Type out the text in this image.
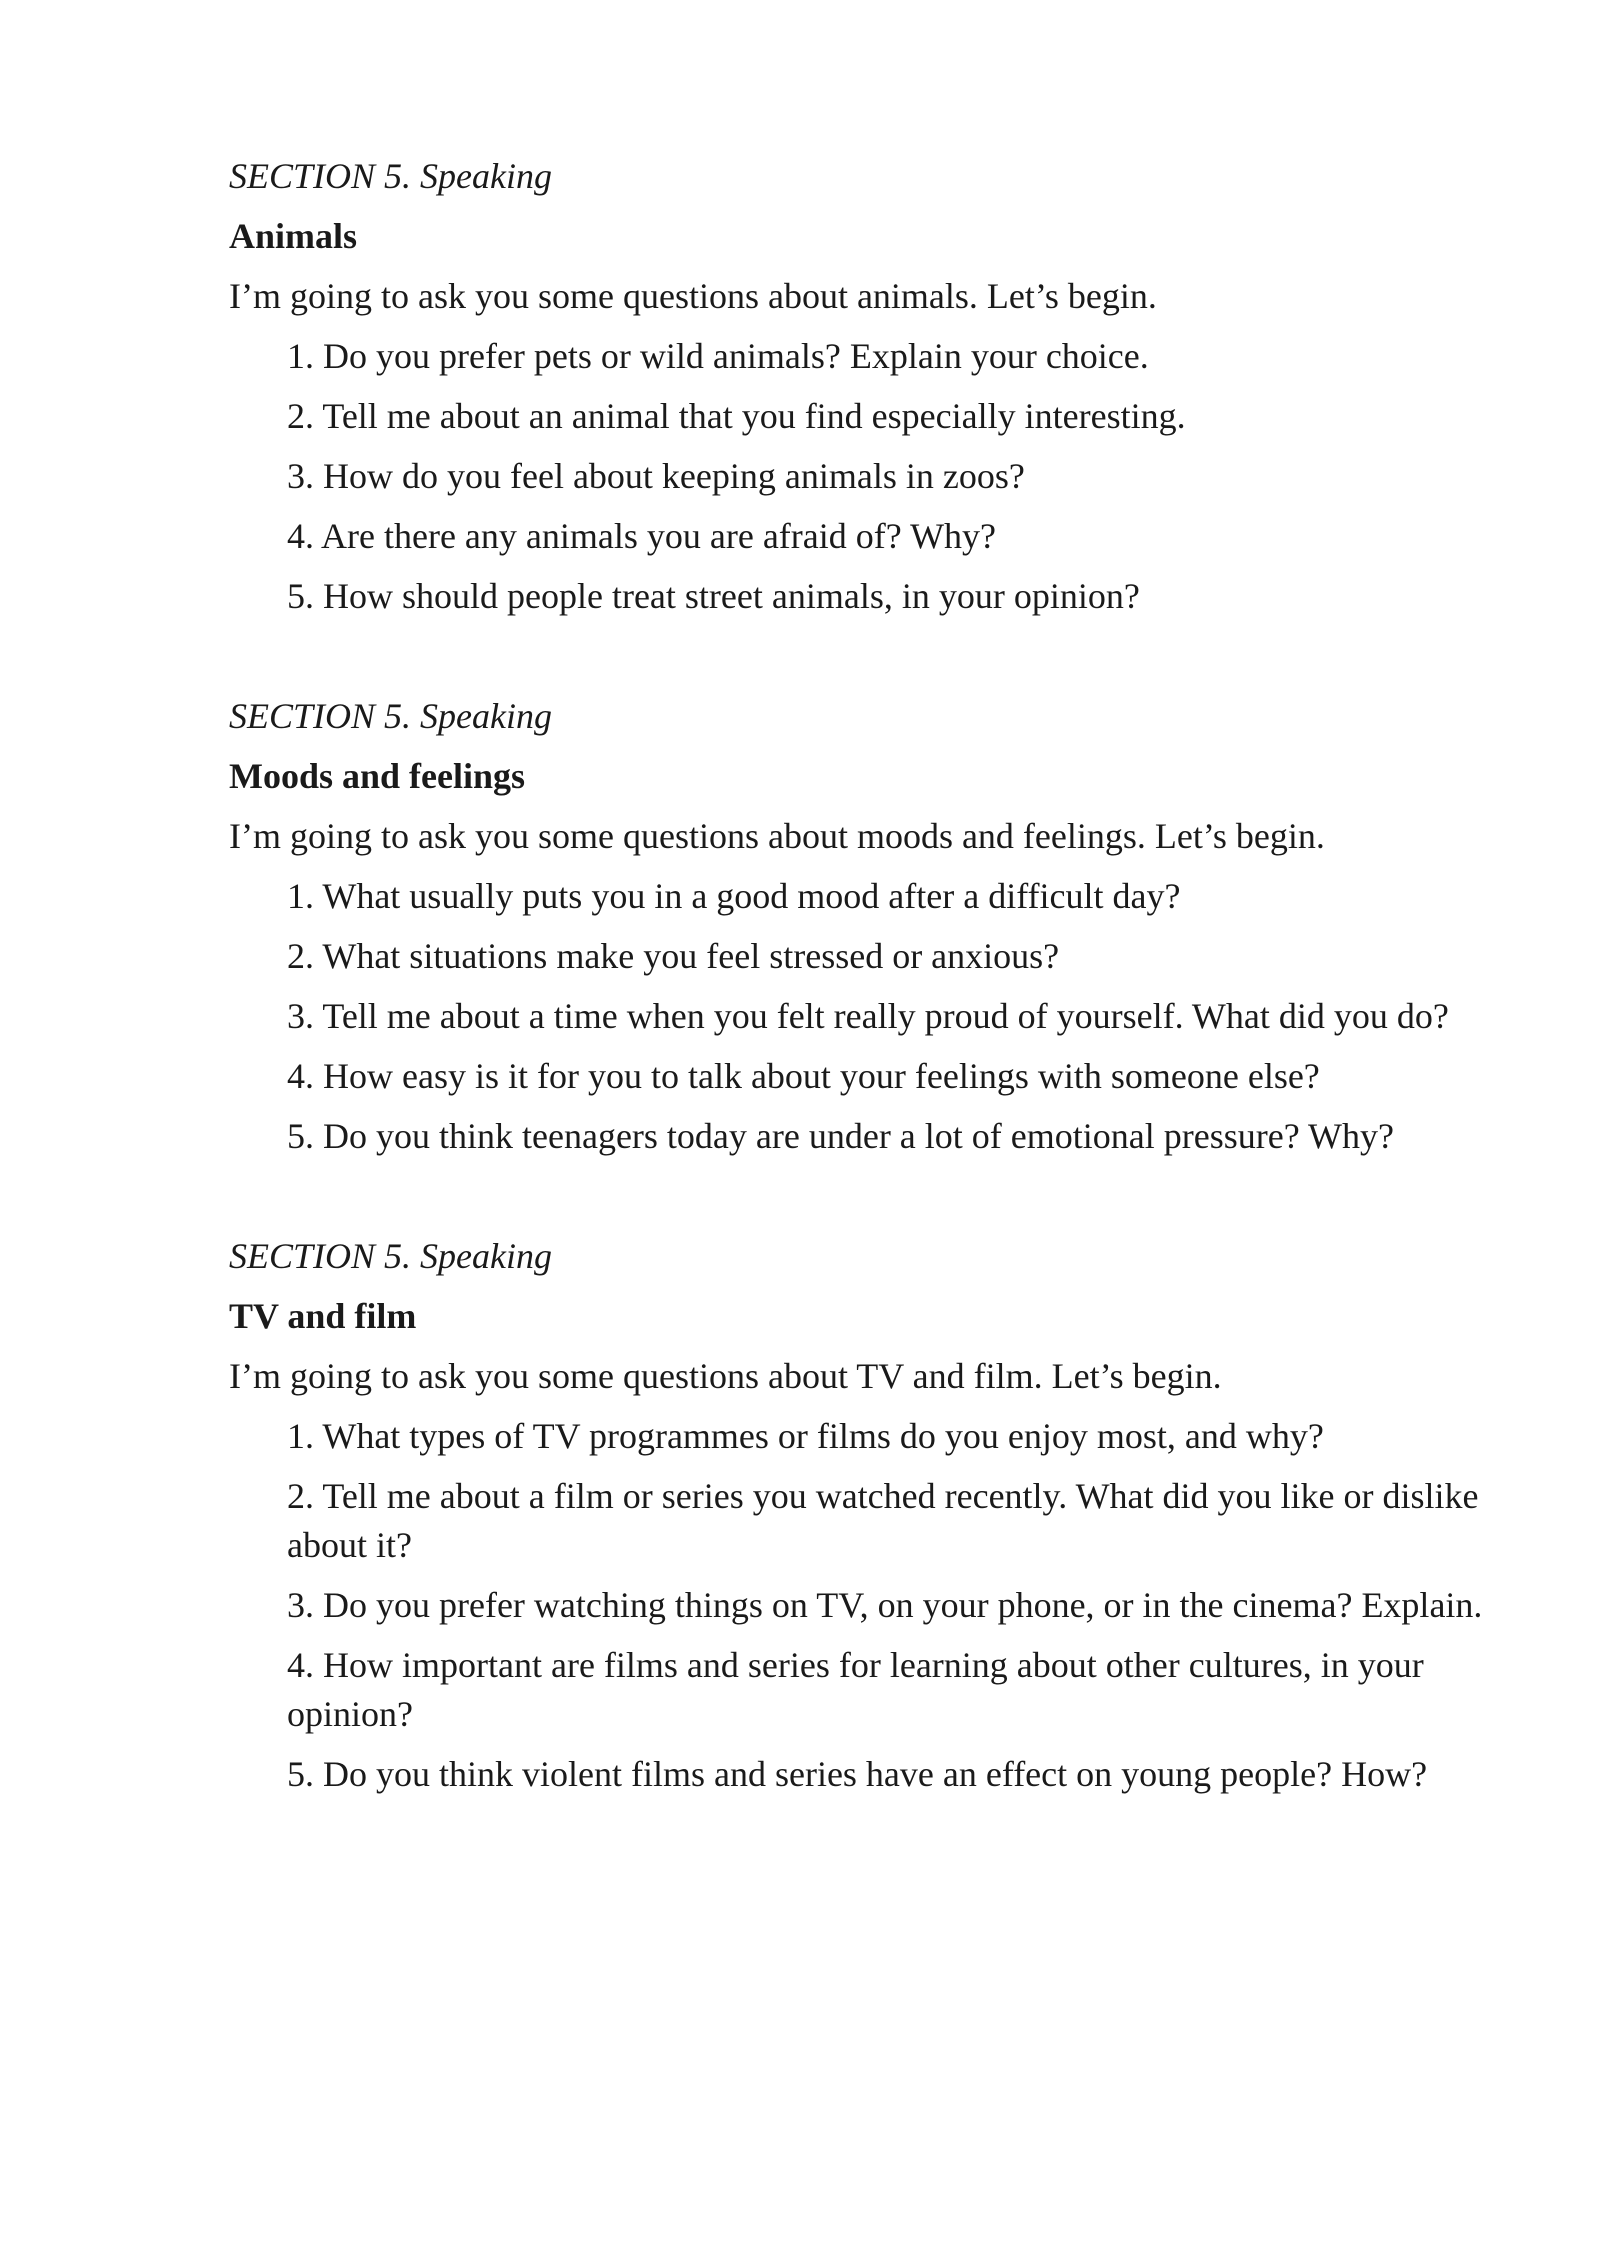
SECTION 5. Speaking
Animals
I’m going to ask you some questions about animals. Let’s begin.
1. Do you prefer pets or wild animals? Explain your choice.
2. Tell me about an animal that you find especially interesting.
3. How do you feel about keeping animals in zoos?
4. Are there any animals you are afraid of? Why?
5. How should people treat street animals, in your opinion?
SECTION 5. Speaking
Moods and feelings
I’m going to ask you some questions about moods and feelings. Let’s begin.
1. What usually puts you in a good mood after a difficult day?
2. What situations make you feel stressed or anxious?
3. Tell me about a time when you felt really proud of yourself. What did you do?
4. How easy is it for you to talk about your feelings with someone else?
5. Do you think teenagers today are under a lot of emotional pressure? Why?
SECTION 5. Speaking
TV and film
I’m going to ask you some questions about TV and film. Let’s begin.
1. What types of TV programmes or films do you enjoy most, and why?
2. Tell me about a film or series you watched recently. What did you like or dislike about it?
3. Do you prefer watching things on TV, on your phone, or in the cinema? Explain.
4. How important are films and series for learning about other cultures, in your opinion?
5. Do you think violent films and series have an effect on young people? How?
